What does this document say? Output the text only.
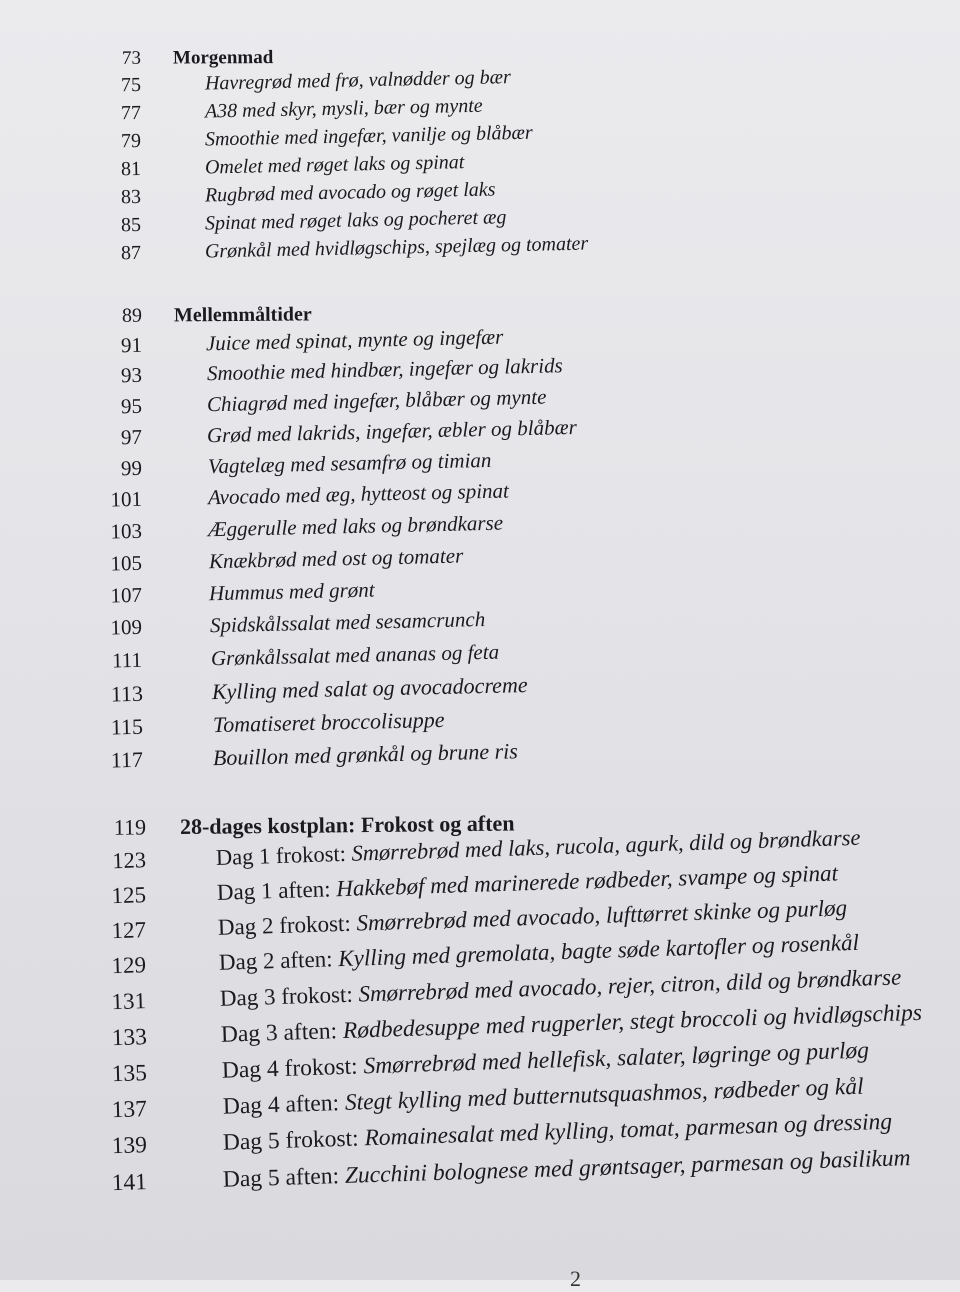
73 Morgenmad
75	Havregrød med frø, valnødder og bær
77	A38 med skyr, mysli, bær og mynte
79	Smoothie med ingefær, vanilje og blåbær
81	Omelet med røget laks og spinat
83	Rugbrød med avocado og røget laks
85	Spinat med røget laks og pocheret æg
87	Grønkål med hvidløgschips, spejlæg og tomater
89 Mellemmåltider
91	Juice med spinat, mynte og ingefær
93	Smoothie med hindbær, ingefær og lakrids
95	Chiagrød med ingefær, blåbær og mynte
97	Grød med lakrids, ingefær, æbler og blåbær
99	Vagtelæg med sesamfrø og timian
101	Avocado med æg, hytteost og spinat
103	Æggerulle med laks og brøndkarse
105	Knækbrød med ost og tomater
107	Hummus med grønt
109	Spidskålssalat med sesamcrunch
111	Grønkålssalat med ananas og feta
113	Kylling med salat og avocadocreme
115	Tomatiseret broccolisuppe
117	Bouillon med grønkål og brune ris
119 28-dages kostplan: Frokost og aften
123	Dag 1 frokost: Smørrebrød med laks, rucola, agurk, dild og brøndkarse
125	Dag 1 aften: Hakkebøf med marinerede rødbeder, svampe og spinat
127	Dag 2 frokost: Smørrebrød med avocado, lufttørret skinke og purløg
129	Dag 2 aften: Kylling med gremolata, bagte søde kartofler og rosenkål
131	Dag 3 frokost: Smørrebrød med avocado, rejer, citron, dild og brøndkarse
133	Dag 3 aften: Rødbedesuppe med rugperler, stegt broccoli og hvidløgschips
135	Dag 4 frokost: Smørrebrød med hellefisk, salater, løgringe og purløg
137	Dag 4 aften: Stegt kylling med butternutsquashmos, rødbeder og kål
139	Dag 5 frokost: Romainesalat med kylling, tomat, parmesan og dressing
141	Dag 5 aften: Zucchini bolognese med grøntsager, parmesan og basilikum
2
